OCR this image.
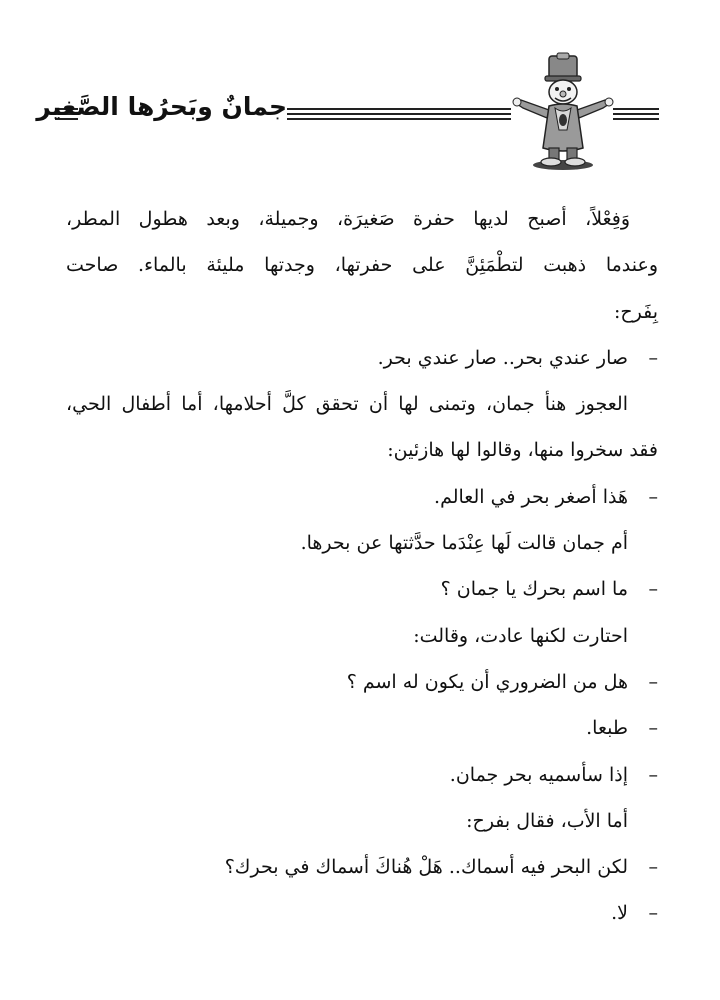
جمانٌ وبَحرُها الصَّغير
وَفِعْلاً، أصبح لديها حفرة صَغيرَة، وجميلة، وبعد هطول المطر،
وعندما ذهبت لتطْمَئِنَّ على حفرتها، وجدتها مليئة بالماء. صاحت
بِفَرح:
– صار عندي بحر.. صار عندي بحر.
العجوز هنأ جمان، وتمنى لها أن تحقق كلَّ أحلامها، أما أطفال الحي،
فقد سخروا منها، وقالوا لها هازئين:
– هَذا أصغر بحر في العالم.
أم جمان قالت لَها عِنْدَما حدَّثتها عن بحرها.
– ما اسم بحرك يا جمان ؟
احتارت لكنها عادت، وقالت:
– هل من الضروري أن يكون له اسم ؟
– طبعا.
– إذا سأسميه بحر جمان.
أما الأب، فقال بفرح:
– لكن البحر فيه أسماك.. هَلْ هُناكَ أسماك في بحرك؟
– لا.
